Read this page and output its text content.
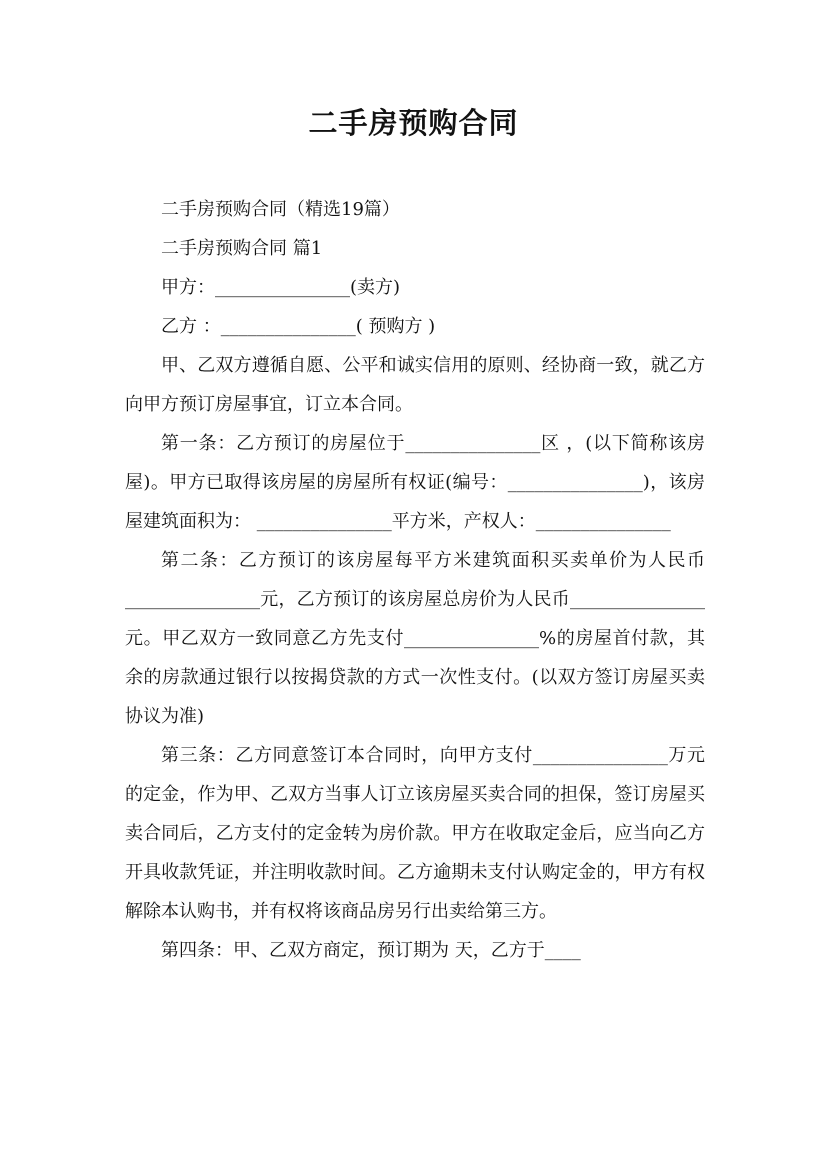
二手房预购合同

二手房预购合同（精选19篇）

二手房预购合同 篇1

甲方：_______________(卖方)

乙方 ：_______________( 预购方 )

甲、乙双方遵循自愿、公平和诚实信用的原则、经协商一致，就乙方向甲方预订房屋事宜，订立本合同。

第一条：乙方预订的房屋位于_______________区 ，(以下简称该房屋)。甲方已取得该房屋的房屋所有权证(编号：_______________)，该房屋建筑面积为： _______________平方米，产权人：_______________

第二条：乙方预订的该房屋每平方米建筑面积买卖单价为人民币_______________元，乙方预订的该房屋总房价为人民币_______________元。甲乙双方一致同意乙方先支付_______________%的房屋首付款，其余的房款通过银行以按揭贷款的方式一次性支付。(以双方签订房屋买卖协议为准)

第三条：乙方同意签订本合同时，向甲方支付_______________万元的定金，作为甲、乙双方当事人订立该房屋买卖合同的担保，签订房屋买卖合同后，乙方支付的定金转为房价款。甲方在收取定金后，应当向乙方开具收款凭证，并注明收款时间。乙方逾期未支付认购定金的，甲方有权解除本认购书，并有权将该商品房另行出卖给第三方。

第四条：甲、乙双方商定，预订期为 天，乙方于____
